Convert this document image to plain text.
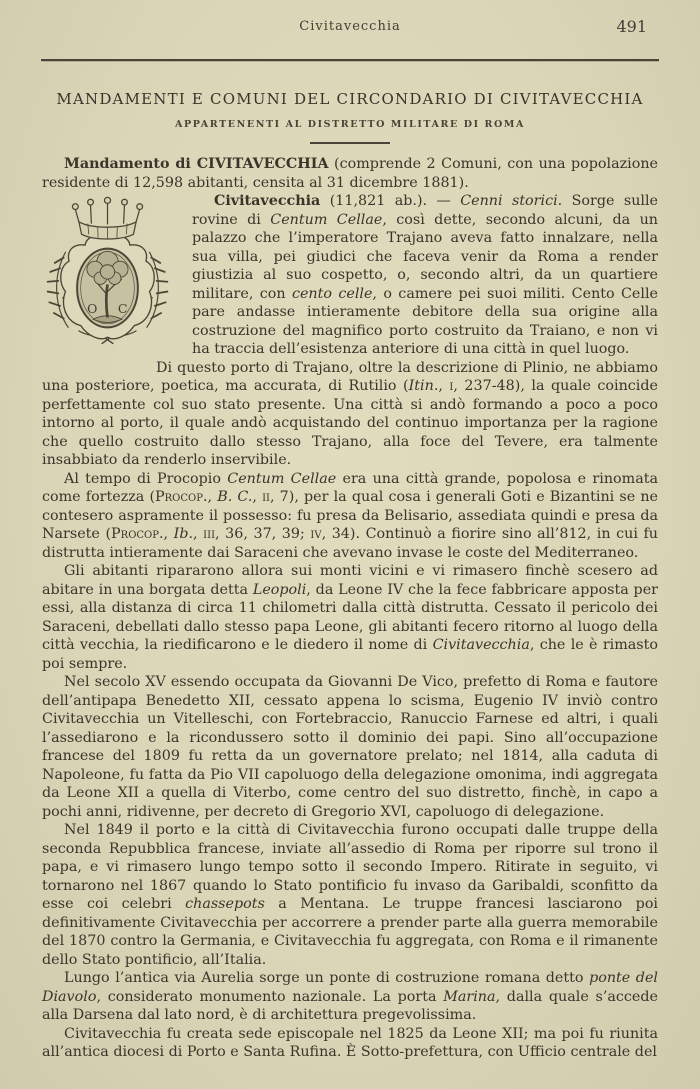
Civitavecchia	491
MANDAMENTI E COMUNI DEL CIRCONDARIO DI CIVITAVECCHIA
APPARTENENTI AL DISTRETTO MILITARE DI ROMA

Mandamento di CIVITAVECCHIA (comprende 2 Comuni, con una popolazione residente di 12,598 abitanti, censita al 31 dicembre 1881).

O C

Civitavecchia (11,821 ab.). — Cenni storici. Sorge sulle rovine di Centum Cellae, così dette, secondo alcuni, da un palazzo che l’imperatore Trajano aveva fatto innalzare, nella sua villa, pei giudici che faceva venir da Roma a render giustizia al suo cospetto, o, secondo altri, da un quartiere militare, con cento celle, o camere pei suoi militi. Cento Celle pare andasse intieramente debitore della sua origine alla costruzione del magnifico porto costruito da Traiano, e non vi ha traccia dell’esistenza anteriore di una città in quel luogo.

Di questo porto di Trajano, oltre la descrizione di Plinio, ne abbiamo una posteriore, poetica, ma accurata, di Rutilio (Itin., i, 237-48), la quale coincide perfettamente col suo stato presente. Una città si andò formando a poco a poco intorno al porto, il quale andò acquistando del continuo importanza per la ragione che quello costruito dallo stesso Trajano, alla foce del Tevere, era talmente insabbiato da renderlo inservibile.

Al tempo di Procopio Centum Cellae era una città grande, popolosa e rinomata come fortezza (Procop., B. C., ii, 7), per la qual cosa i generali Goti e Bizantini se ne contesero aspramente il possesso: fu presa da Belisario, assediata quindi e presa da Narsete (Procop., Ib., iii, 36, 37, 39; iv, 34). Continuò a fiorire sino all’812, in cui fu distrutta intieramente dai Saraceni che avevano invase le coste del Mediterraneo.

Gli abitanti ripararono allora sui monti vicini e vi rimasero finchè scesero ad abitare in una borgata detta Leopoli, da Leone IV che la fece fabbricare apposta per essi, alla distanza di circa 11 chilometri dalla città distrutta. Cessato il pericolo dei Saraceni, debellati dallo stesso papa Leone, gli abitanti fecero ritorno al luogo della città vecchia, la riedificarono e le diedero il nome di Civitavecchia, che le è rimasto poi sempre.

Nel secolo XV essendo occupata da Giovanni De Vico, prefetto di Roma e fautore dell’antipapa Benedetto XII, cessato appena lo scisma, Eugenio IV inviò contro Civitavecchia un Vitelleschi, con Fortebraccio, Ranuccio Farnese ed altri, i quali l’assediarono e la ricondussero sotto il dominio dei papi. Sino all’occupazione francese del 1809 fu retta da un governatore prelato; nel 1814, alla caduta di Napoleone, fu fatta da Pio VII capoluogo della delegazione omonima, indi aggregata da Leone XII a quella di Viterbo, come centro del suo distretto, finchè, in capo a pochi anni, ridivenne, per decreto di Gregorio XVI, capoluogo di delegazione.

Nel 1849 il porto e la città di Civitavecchia furono occupati dalle truppe della seconda Repubblica francese, inviate all’assedio di Roma per riporre sul trono il papa, e vi rimasero lungo tempo sotto il secondo Impero. Ritirate in seguito, vi tornarono nel 1867 quando lo Stato pontificio fu invaso da Garibaldi, sconfitto da esse coi celebri chassepots a Mentana. Le truppe francesi lasciarono poi definitivamente Civitavecchia per accorrere a prender parte alla guerra memorabile del 1870 contro la Germania, e Civitavecchia fu aggregata, con Roma e il rimanente dello Stato pontificio, all’Italia.

Lungo l’antica via Aurelia sorge un ponte di costruzione romana detto ponte del Diavolo, considerato monumento nazionale. La porta Marina, dalla quale s’accede alla Darsena dal lato nord, è di architettura pregevolissima.

Civitavecchia fu creata sede episcopale nel 1825 da Leone XII; ma poi fu riunita all’antica diocesi di Porto e Santa Rufina. È Sotto-prefettura, con Ufficio centrale del
